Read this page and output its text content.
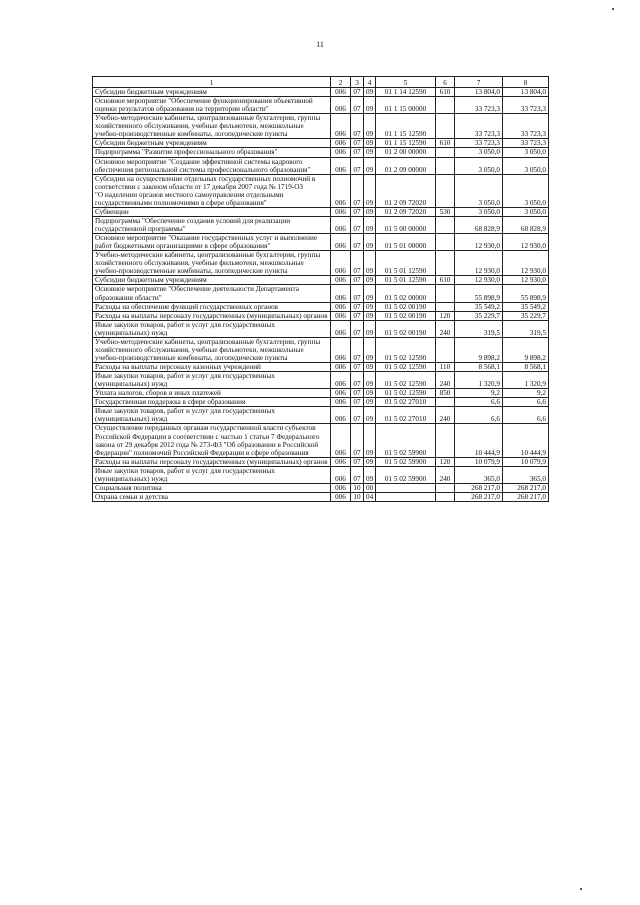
11
1	2	3	4	5	6	7	8
Субсидии бюджетным учреждениям	006	07	09	01 1 14 12590	610	13 804,0	13 804,0
Основное мероприятие "Обеспечение функционирования объективной оценки результатов образования на территории области"	006	07	09	01 1 15 00000		33 723,3	33 723,3
Учебно-методические кабинеты, централизованные бухгалтерии, группы хозяйственного обслуживания, учебные фильмотеки, межшкольные учебно-производственные комбинаты, логопедические пункты	006	07	09	01 1 15 12590		33 723,3	33 723,3
Субсидии бюджетным учреждениям	006	07	09	01 1 15 12590	610	33 723,3	33 723,3
Подпрограмма "Развитие профессионального образования"	006	07	09	01 2 00 00000		3 050,0	3 050,0
Основное мероприятие "Создание эффективной системы кадрового обеспечения региональной системы профессионального образования"	006	07	09	01 2 09 00000		3 050,0	3 050,0
Субсидии на осуществление отдельных государственных полномочий в соответствии с законом области от 17 декабря 2007 года № 1719-ОЗ
"О наделении органов местного самоуправления отдельными государственными полномочиями в сфере образования"	006	07	09	01 2 09 72020		3 050,0	3 050,0
Субвенции	006	07	09	01 2 09 72020	530	3 050,0	3 050,0
Подпрограмма "Обеспечение создания условий для реализации государственной программы"	006	07	09	01 5 00 00000		68 828,9	68 828,9
Основное мероприятие "Оказание государственных услуг и выполнение работ бюджетными организациями в сфере образования"	006	07	09	01 5 01 00000		12 930,0	12 930,0
Учебно-методические кабинеты, централизованные бухгалтерии, группы хозяйственного обслуживания, учебные фильмотеки, межшкольные учебно-производственные комбинаты, логопедические пункты	006	07	09	01 5 01 12590		12 930,0	12 930,0
Субсидии бюджетным учреждениям	006	07	09	01 5 01 12590	610	12 930,0	12 930,0
Основное мероприятие "Обеспечение деятельности Департамента образования области"	006	07	09	01 5 02 00000		55 898,9	55 898,9
Расходы на обеспечение функций государственных органов	006	07	09	01 5 02 00190		35 549,2	35 549,2
Расходы на выплаты персоналу государственных (муниципальных) органов	006	07	09	01 5 02 00190	120	35 229,7	35 229,7
Иные закупки товаров, работ и услуг для государственных (муниципальных) нужд	006	07	09	01 5 02 00190	240	319,5	319,5
Учебно-методические кабинеты, централизованные бухгалтерии, группы хозяйственного обслуживания, учебные фильмотеки, межшкольные учебно-производственные комбинаты, логопедические пункты	006	07	09	01 5 02 12590		9 898,2	9 898,2
Расходы на выплаты персоналу казенных учреждений	006	07	09	01 5 02 12590	110	8 568,1	8 568,1
Иные закупки товаров, работ и услуг для государственных (муниципальных) нужд	006	07	09	01 5 02 12590	240	1 320,9	1 320,9
Уплата налогов, сборов и иных платежей	006	07	09	01 5 02 12590	850	9,2	9,2
Государственная поддержка в сфере образования	006	07	09	01 5 02 27010		6,6	6,6
Иные закупки товаров, работ и услуг для государственных (муниципальных) нужд	006	07	09	01 5 02 27010	240	6,6	6,6
Осуществление переданных органам государственной власти субъектов Российской Федерации в соответствии с частью 1 статьи 7 Федерального закона от 29 декабря 2012 года № 273-ФЗ "Об образовании в Российской Федерации" полномочий Российской Федерации в сфере образования	006	07	09	01 5 02 59900		10 444,9	10 444,9
Расходы на выплаты персоналу государственных (муниципальных) органов	006	07	09	01 5 02 59900	120	10 079,9	10 079,9
Иные закупки товаров, работ и услуг для государственных (муниципальных) нужд	006	07	09	01 5 02 59900	240	365,0	365,0
Социальная политика	006	10	00			268 217,0	268 217,0
Охрана семьи и детства	006	10	04			268 217,0	268 217,0
